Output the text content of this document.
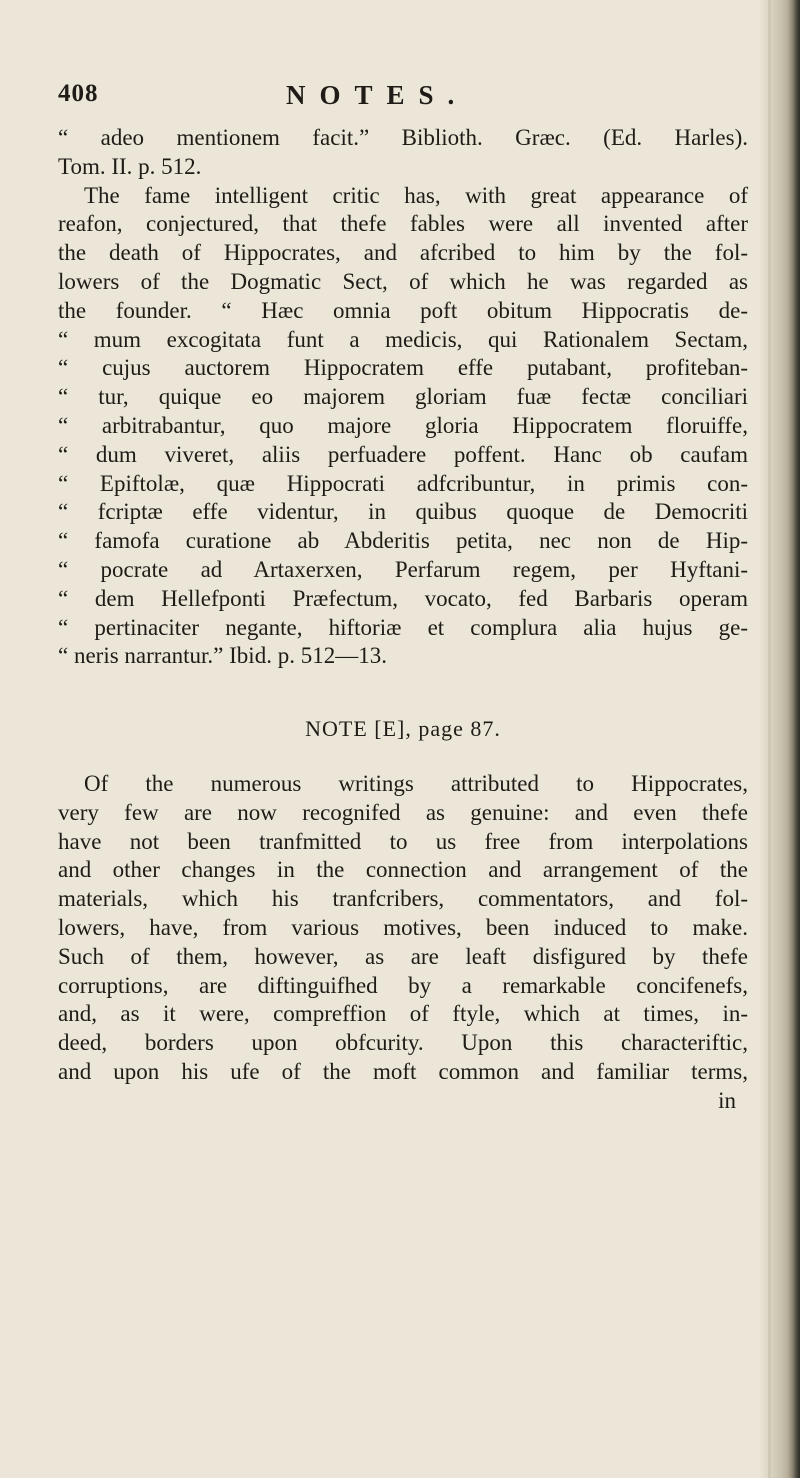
408	NOTES.
“ adeo mentionem facit.” Biblioth. Græc. (Ed. Harles).
Tom. II. p. 512.
The fame intelligent critic has, with great appearance of
reafon, conjectured, that thefe fables were all invented after
the death of Hippocrates, and afcribed to him by the fol-
lowers of the Dogmatic Sect, of which he was regarded as
the founder. “ Hæc omnia poft obitum Hippocratis de-
“ mum excogitata funt a medicis, qui Rationalem Sectam,
“ cujus auctorem Hippocratem effe putabant, profiteban-
“ tur, quique eo majorem gloriam fuæ fectæ conciliari
“ arbitrabantur, quo majore gloria Hippocratem floruiffe,
“ dum viveret, aliis perfuadere poffent. Hanc ob caufam
“ Epiftolæ, quæ Hippocrati adfcribuntur, in primis con-
“ fcriptæ effe videntur, in quibus quoque de Democriti
“ famofa curatione ab Abderitis petita, nec non de Hip-
“ pocrate ad Artaxerxen, Perfarum regem, per Hyftani-
“ dem Hellefponti Præfectum, vocato, fed Barbaris operam
“ pertinaciter negante, hiftoriæ et complura alia hujus ge-
“ neris narrantur.” Ibid. p. 512—13.
NOTE [E], page 87.
Of the numerous writings attributed to Hippocrates,
very few are now recognifed as genuine: and even thefe
have not been tranfmitted to us free from interpolations
and other changes in the connection and arrangement of the
materials, which his tranfcribers, commentators, and fol-
lowers, have, from various motives, been induced to make.
Such of them, however, as are leaft disfigured by thefe
corruptions, are diftinguifhed by a remarkable concifenefs,
and, as it were, compreffion of ftyle, which at times, in-
deed, borders upon obfcurity. Upon this characteriftic,
and upon his ufe of the moft common and familiar terms,
in
